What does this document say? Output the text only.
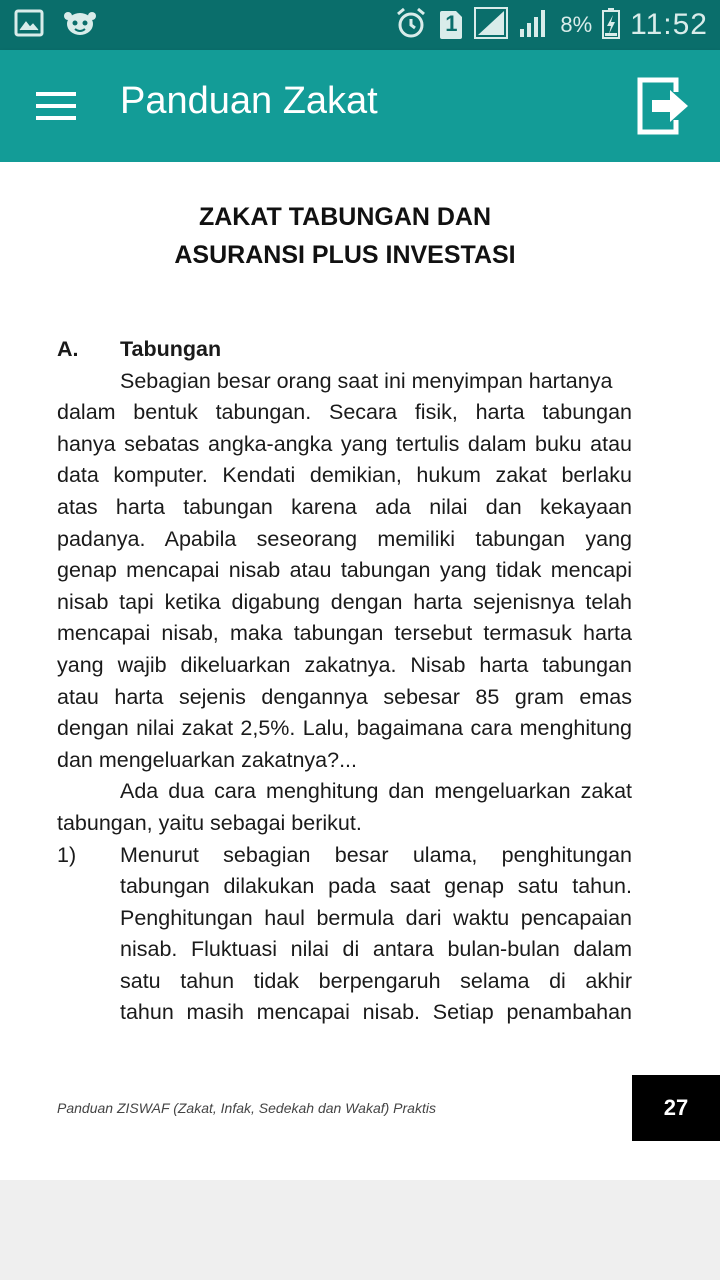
1	8% 11:52
Panduan Zakat
ZAKAT TABUNGAN DAN
ASURANSI PLUS INVESTASI
A.	Tabungan
Sebagian besar orang saat ini menyimpan hartanya
dalam bentuk tabungan. Secara fisik, harta tabungan
hanya sebatas angka-angka yang tertulis dalam buku atau
data komputer. Kendati demikian, hukum zakat berlaku
atas harta tabungan karena ada nilai dan kekayaan
padanya. Apabila seseorang memiliki tabungan yang
genap mencapai nisab atau tabungan yang tidak mencapi
nisab tapi ketika digabung dengan harta sejenisnya telah
mencapai nisab, maka tabungan tersebut termasuk harta
yang wajib dikeluarkan zakatnya. Nisab harta tabungan
atau harta sejenis dengannya sebesar 85 gram emas
dengan nilai zakat 2,5%. Lalu, bagaimana cara menghitung
dan mengeluarkan zakatnya?...
Ada dua cara menghitung dan mengeluarkan zakat
tabungan, yaitu sebagai berikut.
1)	Menurut sebagian besar ulama, penghitungan
tabungan dilakukan pada saat genap satu tahun.
Penghitungan haul bermula dari waktu pencapaian
nisab. Fluktuasi nilai di antara bulan-bulan dalam
satu tahun tidak berpengaruh selama di akhir
tahun masih mencapai nisab. Setiap penambahan
Panduan ZISWAF (Zakat, Infak, Sedekah dan Wakaf) Praktis	27
